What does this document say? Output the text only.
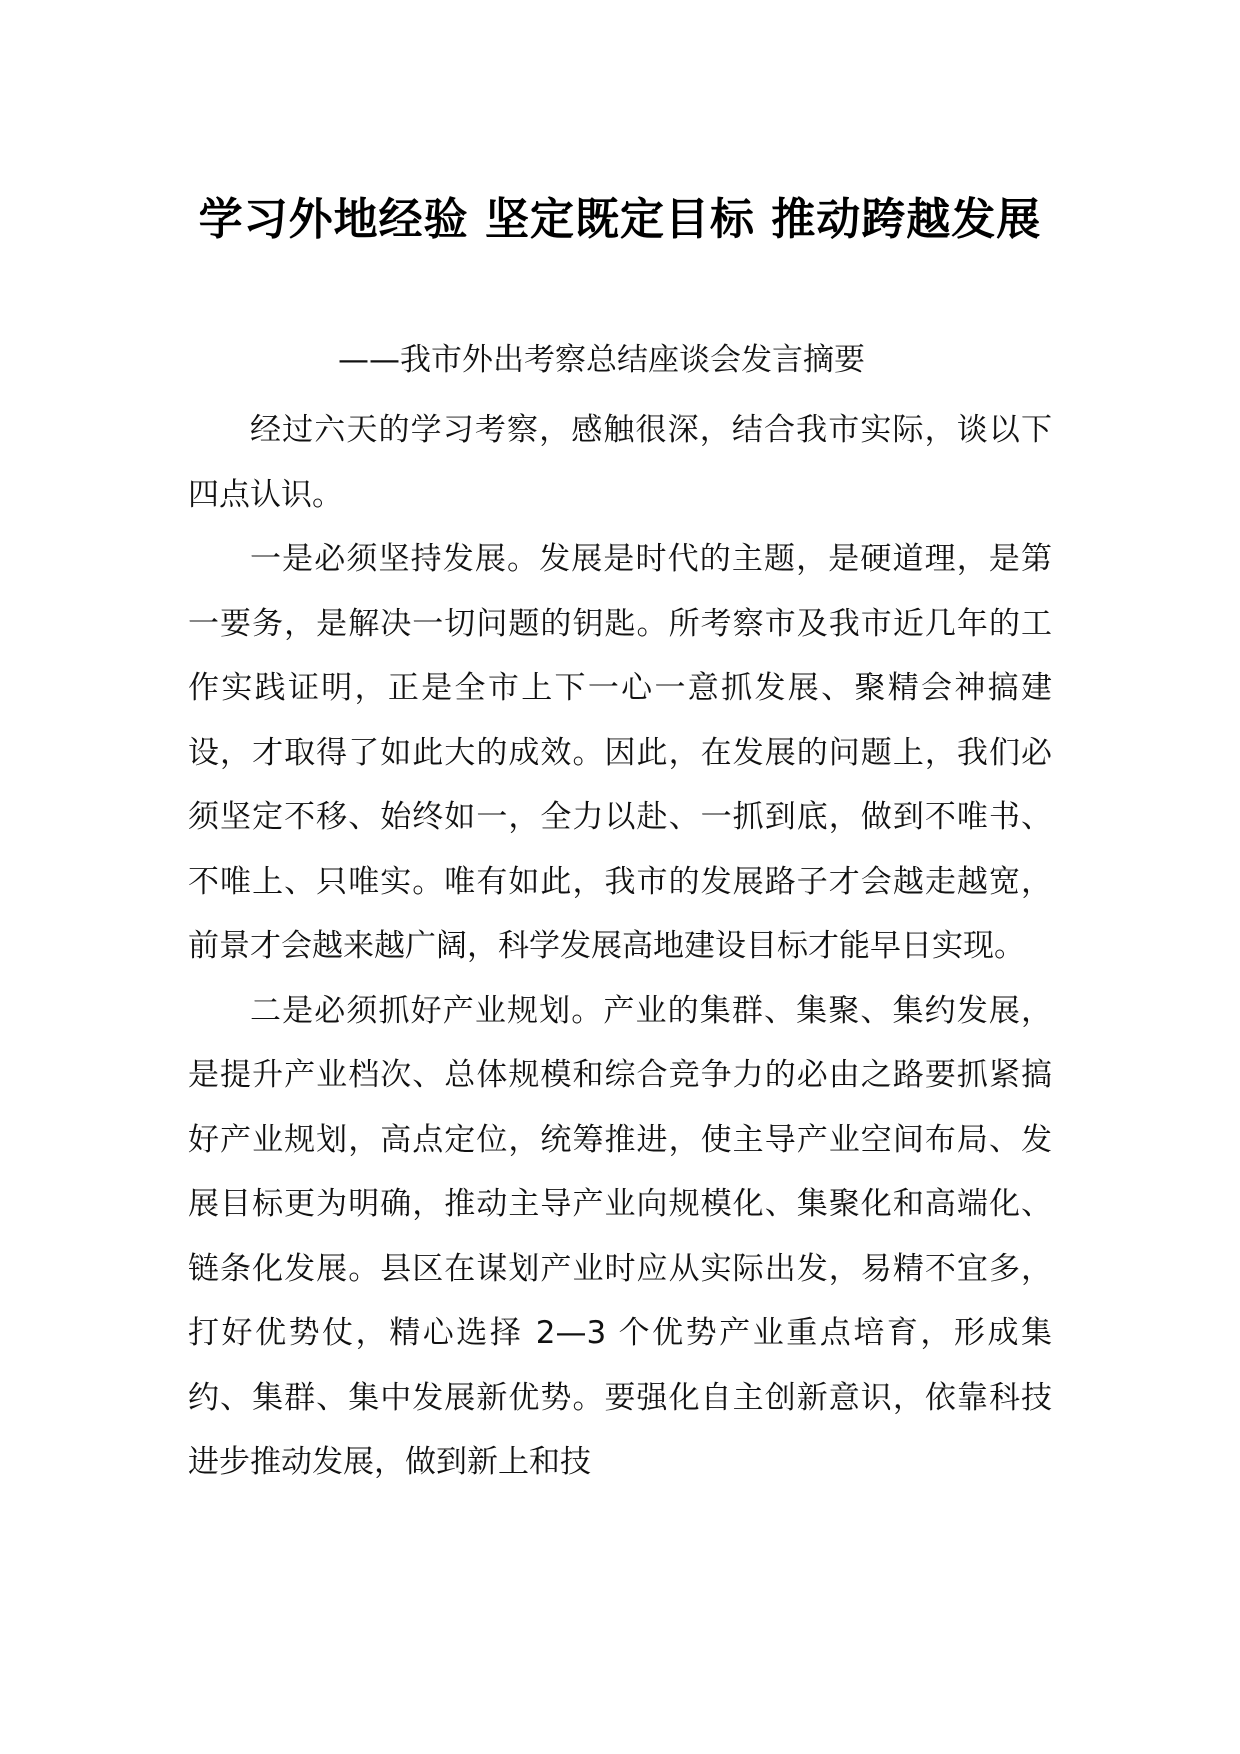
学习外地经验 坚定既定目标 推动跨越发展

——我市外出考察总结座谈会发言摘要

经过六天的学习考察，感触很深，结合我市实际，谈以下四点认识。

一是必须坚持发展。发展是时代的主题，是硬道理，是第一要务，是解决一切问题的钥匙。所考察市及我市近几年的工作实践证明，正是全市上下一心一意抓发展、聚精会神搞建设，才取得了如此大的成效。因此，在发展的问题上，我们必须坚定不移、始终如一，全力以赴、一抓到底，做到不唯书、不唯上、只唯实。唯有如此，我市的发展路子才会越走越宽，前景才会越来越广阔，科学发展高地建设目标才能早日实现。

二是必须抓好产业规划。产业的集群、集聚、集约发展，是提升产业档次、总体规模和综合竞争力的必由之路要抓紧搞好产业规划，高点定位，统筹推进，使主导产业空间布局、发展目标更为明确，推动主导产业向规模化、集聚化和高端化、链条化发展。县区在谋划产业时应从实际出发，易精不宜多，打好优势仗，精心选择 2—3 个优势产业重点培育，形成集约、集群、集中发展新优势。要强化自主创新意识，依靠科技进步推动发展，做到新上和技
